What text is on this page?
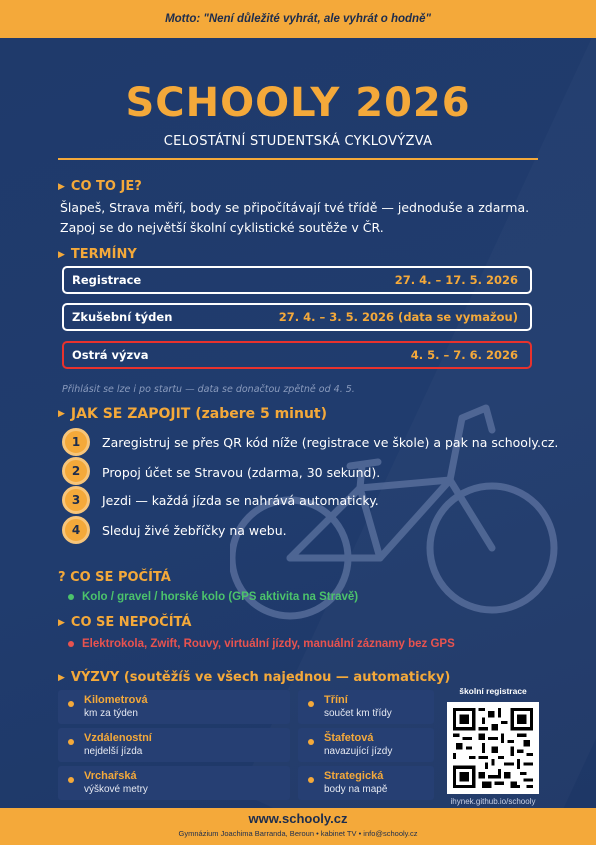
Motto: "Není důležité vyhrát, ale vyhrát o hodně"
SCHOOLY 2026
CELOSTÁTNÍ STUDENTSKÁ CYKLOVÝZVA
▶ CO TO JE?
Šlapeš, Strava měří, body se připočítávají tvé třídě — jednoduše a zdarma.
Zapoj se do největší školní cyklistické soutěže v ČR.
▶ TERMÍNY
Registrace	27. 4. – 17. 5. 2026
Zkušební týden	27. 4. – 3. 5. 2026 (data se vymažou)
Ostrá výzva	4. 5. – 7. 6. 2026
Přihlásit se lze i po startu — data se donačtou zpětně od 4. 5.
▶ JAK SE ZAPOJIT (zabere 5 minut)
1	Zaregistruj se přes QR kód níže (registrace ve škole) a pak na schooly.cz.
2	Propoj účet se Stravou (zdarma, 30 sekund).
3	Jezdi — každá jízda se nahrává automaticky.
4	Sleduj živé žebříčky na webu.
? CO SE POČÍTÁ
Kolo / gravel / horské kolo (GPS aktivita na Stravě)
▶ CO SE NEPOČÍTÁ
Elektrokola, Zwift, Rouvy, virtuální jízdy, manuální záznamy bez GPS
▶ VÝZVY (soutěžíš ve všech najednou — automaticky)
Kilometrová
km za týden
Tříní
součet km třídy
Vzdálenostní
nejdelší jízda
Štafetová
navazující jízdy
Vrchařská
výškové metry
Strategická
body na mapě
školní registrace
ihynek.github.io/schooly
www.schooly.cz
Gymnázium Joachima Barranda, Beroun • kabinet TV • info@schooly.cz
